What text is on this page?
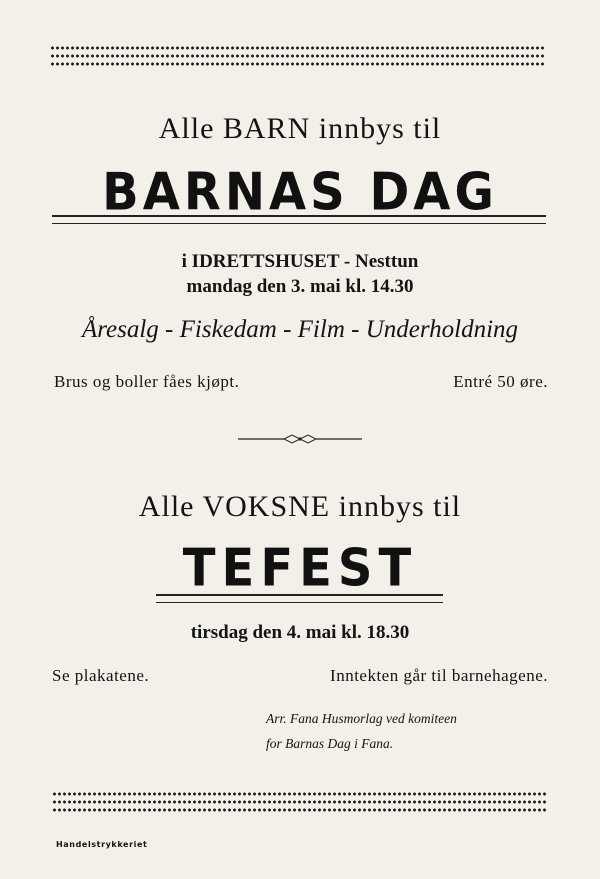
Alle BARN innbys til
BARNAS DAG
i IDRETTSHUSET - Nesttun
mandag den 3. mai kl. 14.30
Åresalg - Fiskedam - Film - Underholdning
Brus og boller fåes kjøpt.	Entré 50 øre.
Alle VOKSNE innbys til
TEFEST
tirsdag den 4. mai kl. 18.30
Se plakatene.	Inntekten går til barnehagene.
Arr. Fana Husmorlag ved komiteen
for Barnas Dag i Fana.
Handelstrykkeriet
